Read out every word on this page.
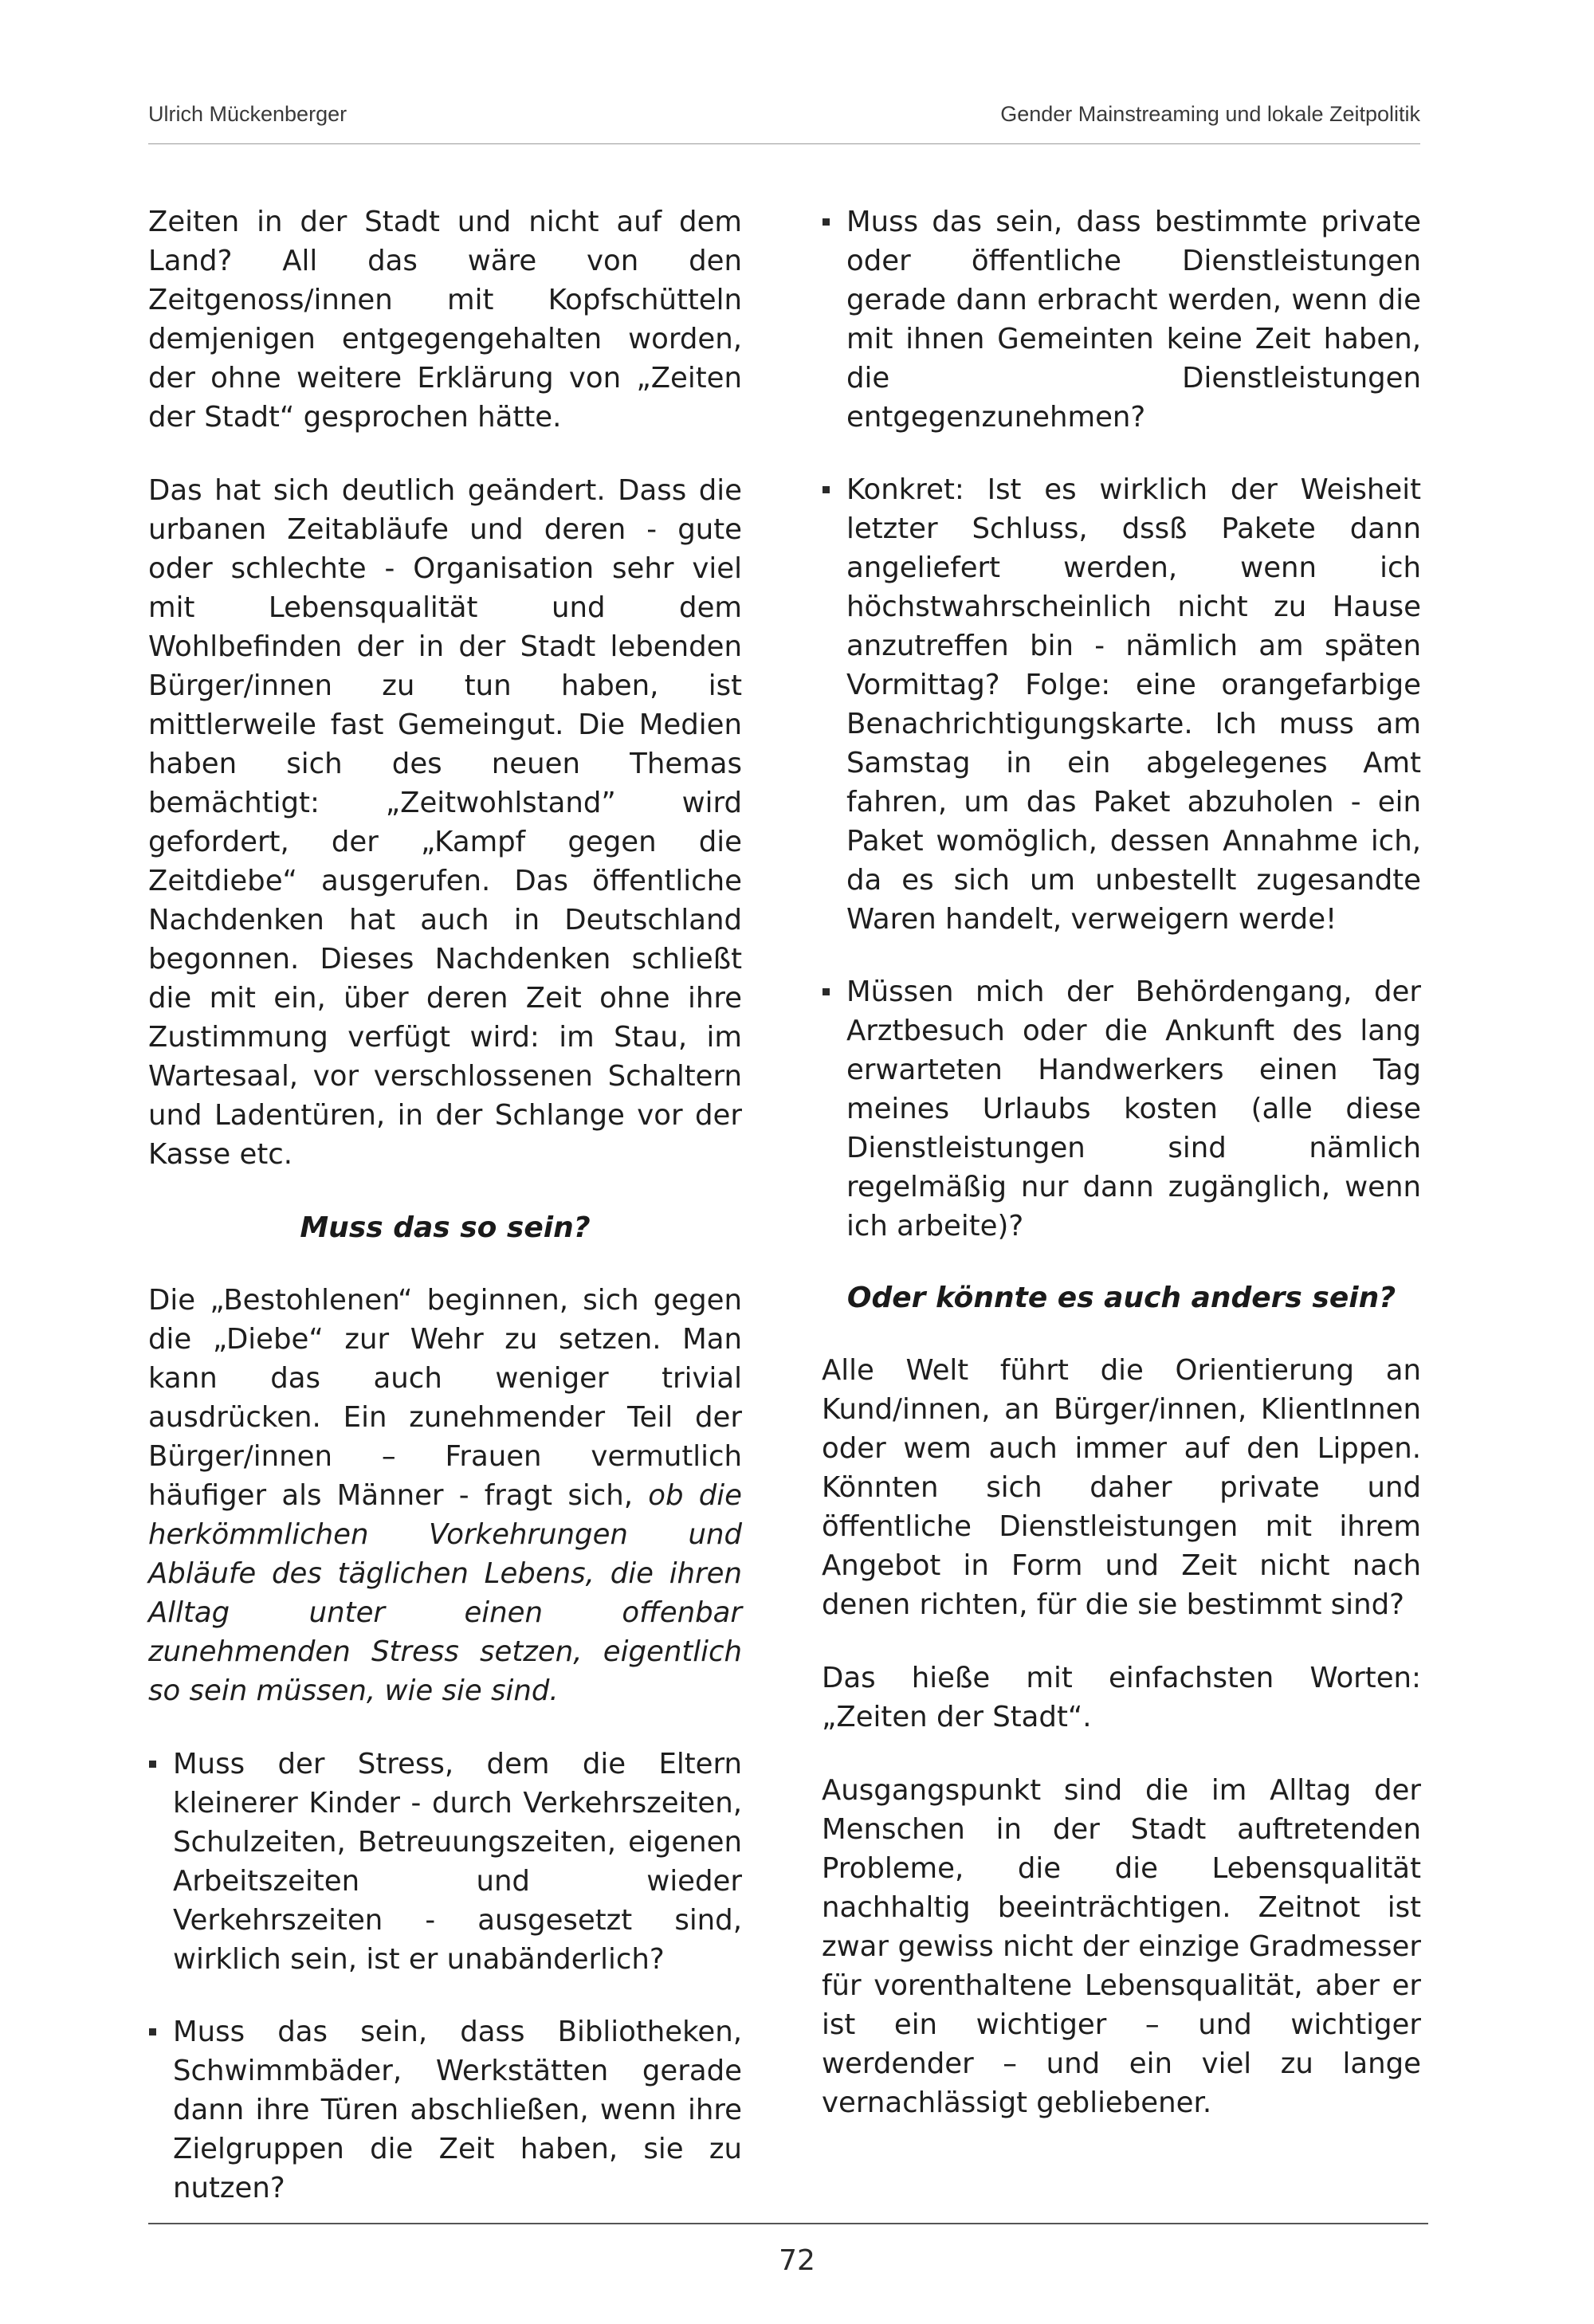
Ulrich Mückenberger	Gender Mainstreaming und lokale Zeitpolitik

Zeiten in der Stadt und nicht auf dem Land? All das wäre von den Zeitgenoss/innen mit Kopfschütteln demjenigen entgegengehalten worden, der ohne weitere Erklärung von „Zeiten der Stadt“ gesprochen hätte.

Das hat sich deutlich geändert. Dass die urbanen Zeitabläufe und deren - gute oder schlechte - Organisation sehr viel mit Lebensqualität und dem Wohlbefinden der in der Stadt lebenden Bürger/innen zu tun haben, ist mittlerweile fast Gemeingut. Die Medien haben sich des neuen Themas bemächtigt: „Zeitwohlstand” wird gefordert, der „Kampf gegen die Zeitdiebe“ ausgerufen. Das öffentliche Nachdenken hat auch in Deutschland begonnen. Dieses Nachdenken schließt die mit ein, über deren Zeit ohne ihre Zustimmung verfügt wird: im Stau, im Wartesaal, vor verschlossenen Schaltern und Ladentüren, in der Schlange vor der Kasse etc.

Muss das so sein?

Die „Bestohlenen“ beginnen, sich gegen die „Diebe“ zur Wehr zu setzen. Man kann das auch weniger trivial ausdrücken. Ein zunehmender Teil der Bürger/innen – Frauen vermutlich häufiger als Männer - fragt sich, ob die herkömmlichen Vorkehrungen und Abläufe des täglichen Lebens, die ihren Alltag unter einen offenbar zunehmenden Stress setzen, eigentlich so sein müssen, wie sie sind.

Muss der Stress, dem die Eltern kleinerer Kinder - durch Verkehrszeiten, Schulzeiten, Betreuungszeiten, eigenen Arbeitszeiten und wieder Verkehrszeiten - ausgesetzt sind, wirklich sein, ist er unabänderlich?
Muss das sein, dass Bibliotheken, Schwimmbäder, Werkstätten gerade dann ihre Türen abschließen, wenn ihre Zielgruppen die Zeit haben, sie zu nutzen?
Muss das sein, dass bestimmte private oder öffentliche Dienstleistungen gerade dann erbracht werden, wenn die mit ihnen Gemeinten keine Zeit haben, die Dienstleistungen entgegenzunehmen?
Konkret: Ist es wirklich der Weisheit letzter Schluss, dssß Pakete dann angeliefert werden, wenn ich höchstwahrscheinlich nicht zu Hause anzutreffen bin - nämlich am späten Vormittag? Folge: eine orangefarbige Benachrichtigungskarte. Ich muss am Samstag in ein abgelegenes Amt fahren, um das Paket abzuholen - ein Paket womöglich, dessen Annahme ich, da es sich um unbestellt zugesandte Waren handelt, verweigern werde!
Müssen mich der Behördengang, der Arztbesuch oder die Ankunft des lang erwarteten Handwerkers einen Tag meines Urlaubs kosten (alle diese Dienstleistungen sind nämlich regelmäßig nur dann zugänglich, wenn ich arbeite)?
Oder könnte es auch anders sein?

Alle Welt führt die Orientierung an Kund/innen, an Bürger/innen, KlientInnen oder wem auch immer auf den Lippen. Könnten sich daher private und öffentliche Dienstleistungen mit ihrem Angebot in Form und Zeit nicht nach denen richten, für die sie bestimmt sind?

Das hieße mit einfachsten Worten: „Zeiten der Stadt“.

Ausgangspunkt sind die im Alltag der Menschen in der Stadt auftretenden Probleme, die die Lebensqualität nachhaltig beeinträchtigen. Zeitnot ist zwar gewiss nicht der einzige Gradmesser für vorenthaltene Lebensqualität, aber er ist ein wichtiger – und wichtiger werdender – und ein viel zu lange vernachlässigt gebliebener.

72
